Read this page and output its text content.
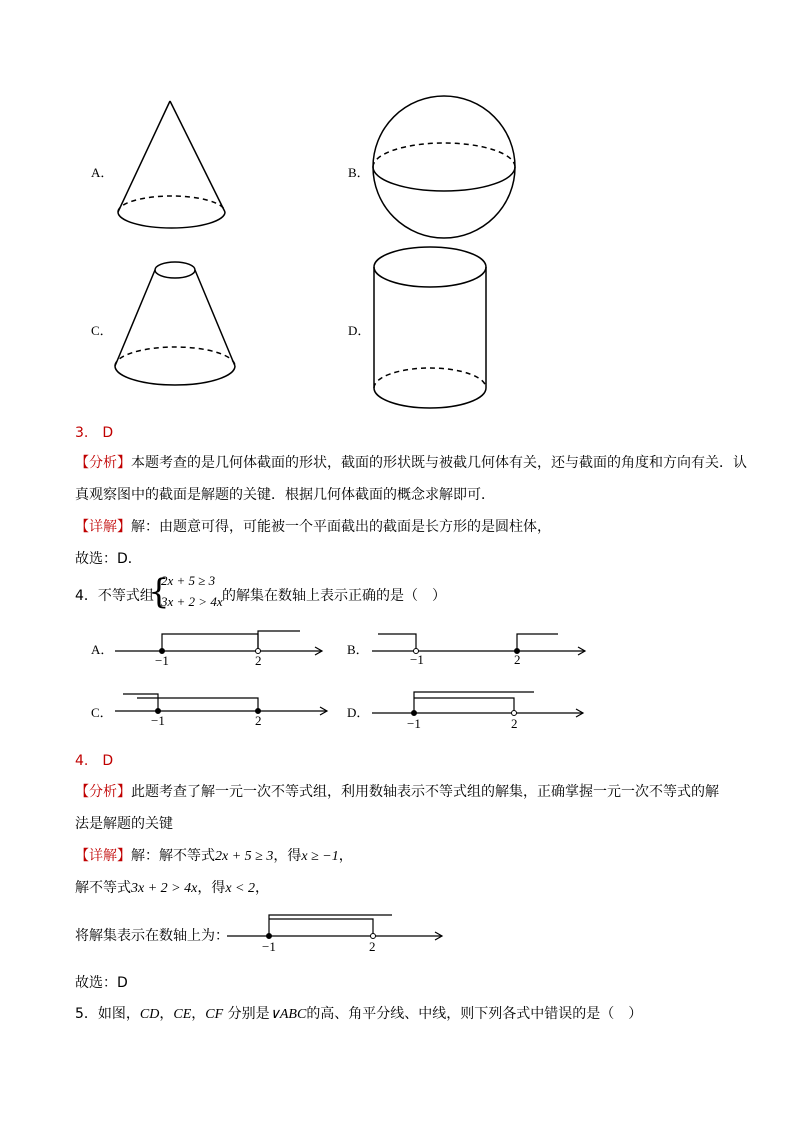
A．	B．
C．	D．
3.　D
【分析】本题考查的是几何体截面的形状，截面的形状既与被截几何体有关，还与截面的角度和方向有关．认
真观察图中的截面是解题的关键．根据几何体截面的概念求解即可．
【详解】解：由题意可得，可能被一个平面截出的截面是长方形的是圆柱体，
故选：D．
4．不等式组
{
2x + 5 ≥ 3
3x + 2 > 4x 的解集在数轴上表示正确的是（　）
−1	2	−1	2
−1	2	−1	2
A．	B．
C．	D．
4.　D
【分析】此题考查了解一元一次不等式组，利用数轴表示不等式组的解集，正确掌握一元一次不等式的解
法是解题的关键
【详解】解：解不等式2x + 5 ≥ 3，得x ≥ −1，
解不等式3x + 2 > 4x，得x < 2，
将解集表示在数轴上为：
−1	2
故选：D
5．如图，CD，CE，CF 分别是∨ABC的高、角平分线、中线，则下列各式中错误的是（　）
